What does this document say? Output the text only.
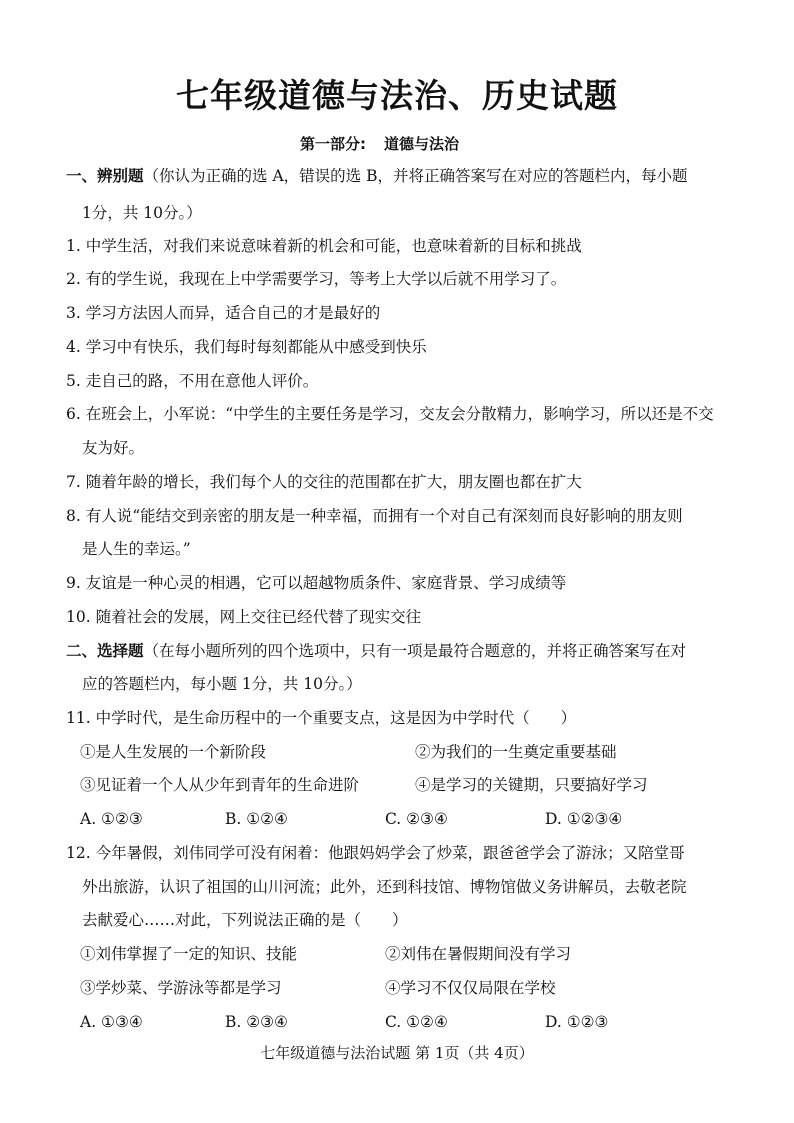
七年级道德与法治、历史试题

第一部分: 道德与法治

一、辨别题（你认为正确的选 A，错误的选 B，并将正确答案写在对应的答题栏内，每小题

1分，共 10分。）

1. 中学生活，对我们来说意味着新的机会和可能，也意味着新的目标和挑战

2. 有的学生说，我现在上中学需要学习，等考上大学以后就不用学习了。

3. 学习方法因人而异，适合自己的才是最好的

4. 学习中有快乐，我们每时每刻都能从中感受到快乐

5. 走自己的路，不用在意他人评价。

6. 在班会上，小军说：“中学生的主要任务是学习，交友会分散精力，影响学习，所以还是不交

友为好。

7. 随着年龄的增长，我们每个人的交往的范围都在扩大，朋友圈也都在扩大

8. 有人说“能结交到亲密的朋友是一种幸福，而拥有一个对自己有深刻而良好影响的朋友则

是人生的幸运。”

9. 友谊是一种心灵的相遇，它可以超越物质条件、家庭背景、学习成绩等

10. 随着社会的发展，网上交往已经代替了现实交往

二、选择题（在每小题所列的四个选项中，只有一项是最符合题意的，并将正确答案写在对

应的答题栏内，每小题 1分，共 10分。）

11. 中学时代，是生命历程中的一个重要支点，这是因为中学时代（　　）

①是人生发展的一个新阶段	②为我们的一生奠定重要基础

③见证着一个人从少年到青年的生命进阶	④是学习的关键期，只要搞好学习

A. ①②③	B. ①②④	C. ②③④	D. ①②③④

12. 今年暑假，刘伟同学可没有闲着：他跟妈妈学会了炒菜，跟爸爸学会了游泳；又陪堂哥

外出旅游，认识了祖国的山川河流；此外，还到科技馆、博物馆做义务讲解员，去敬老院

去献爱心……对此，下列说法正确的是（　　）

①刘伟掌握了一定的知识、技能	②刘伟在暑假期间没有学习

③学炒菜、学游泳等都是学习	④学习不仅仅局限在学校

A. ①③④	B. ②③④	C. ①②④	D. ①②③

七年级道德与法治试题 第 1页（共 4页）
